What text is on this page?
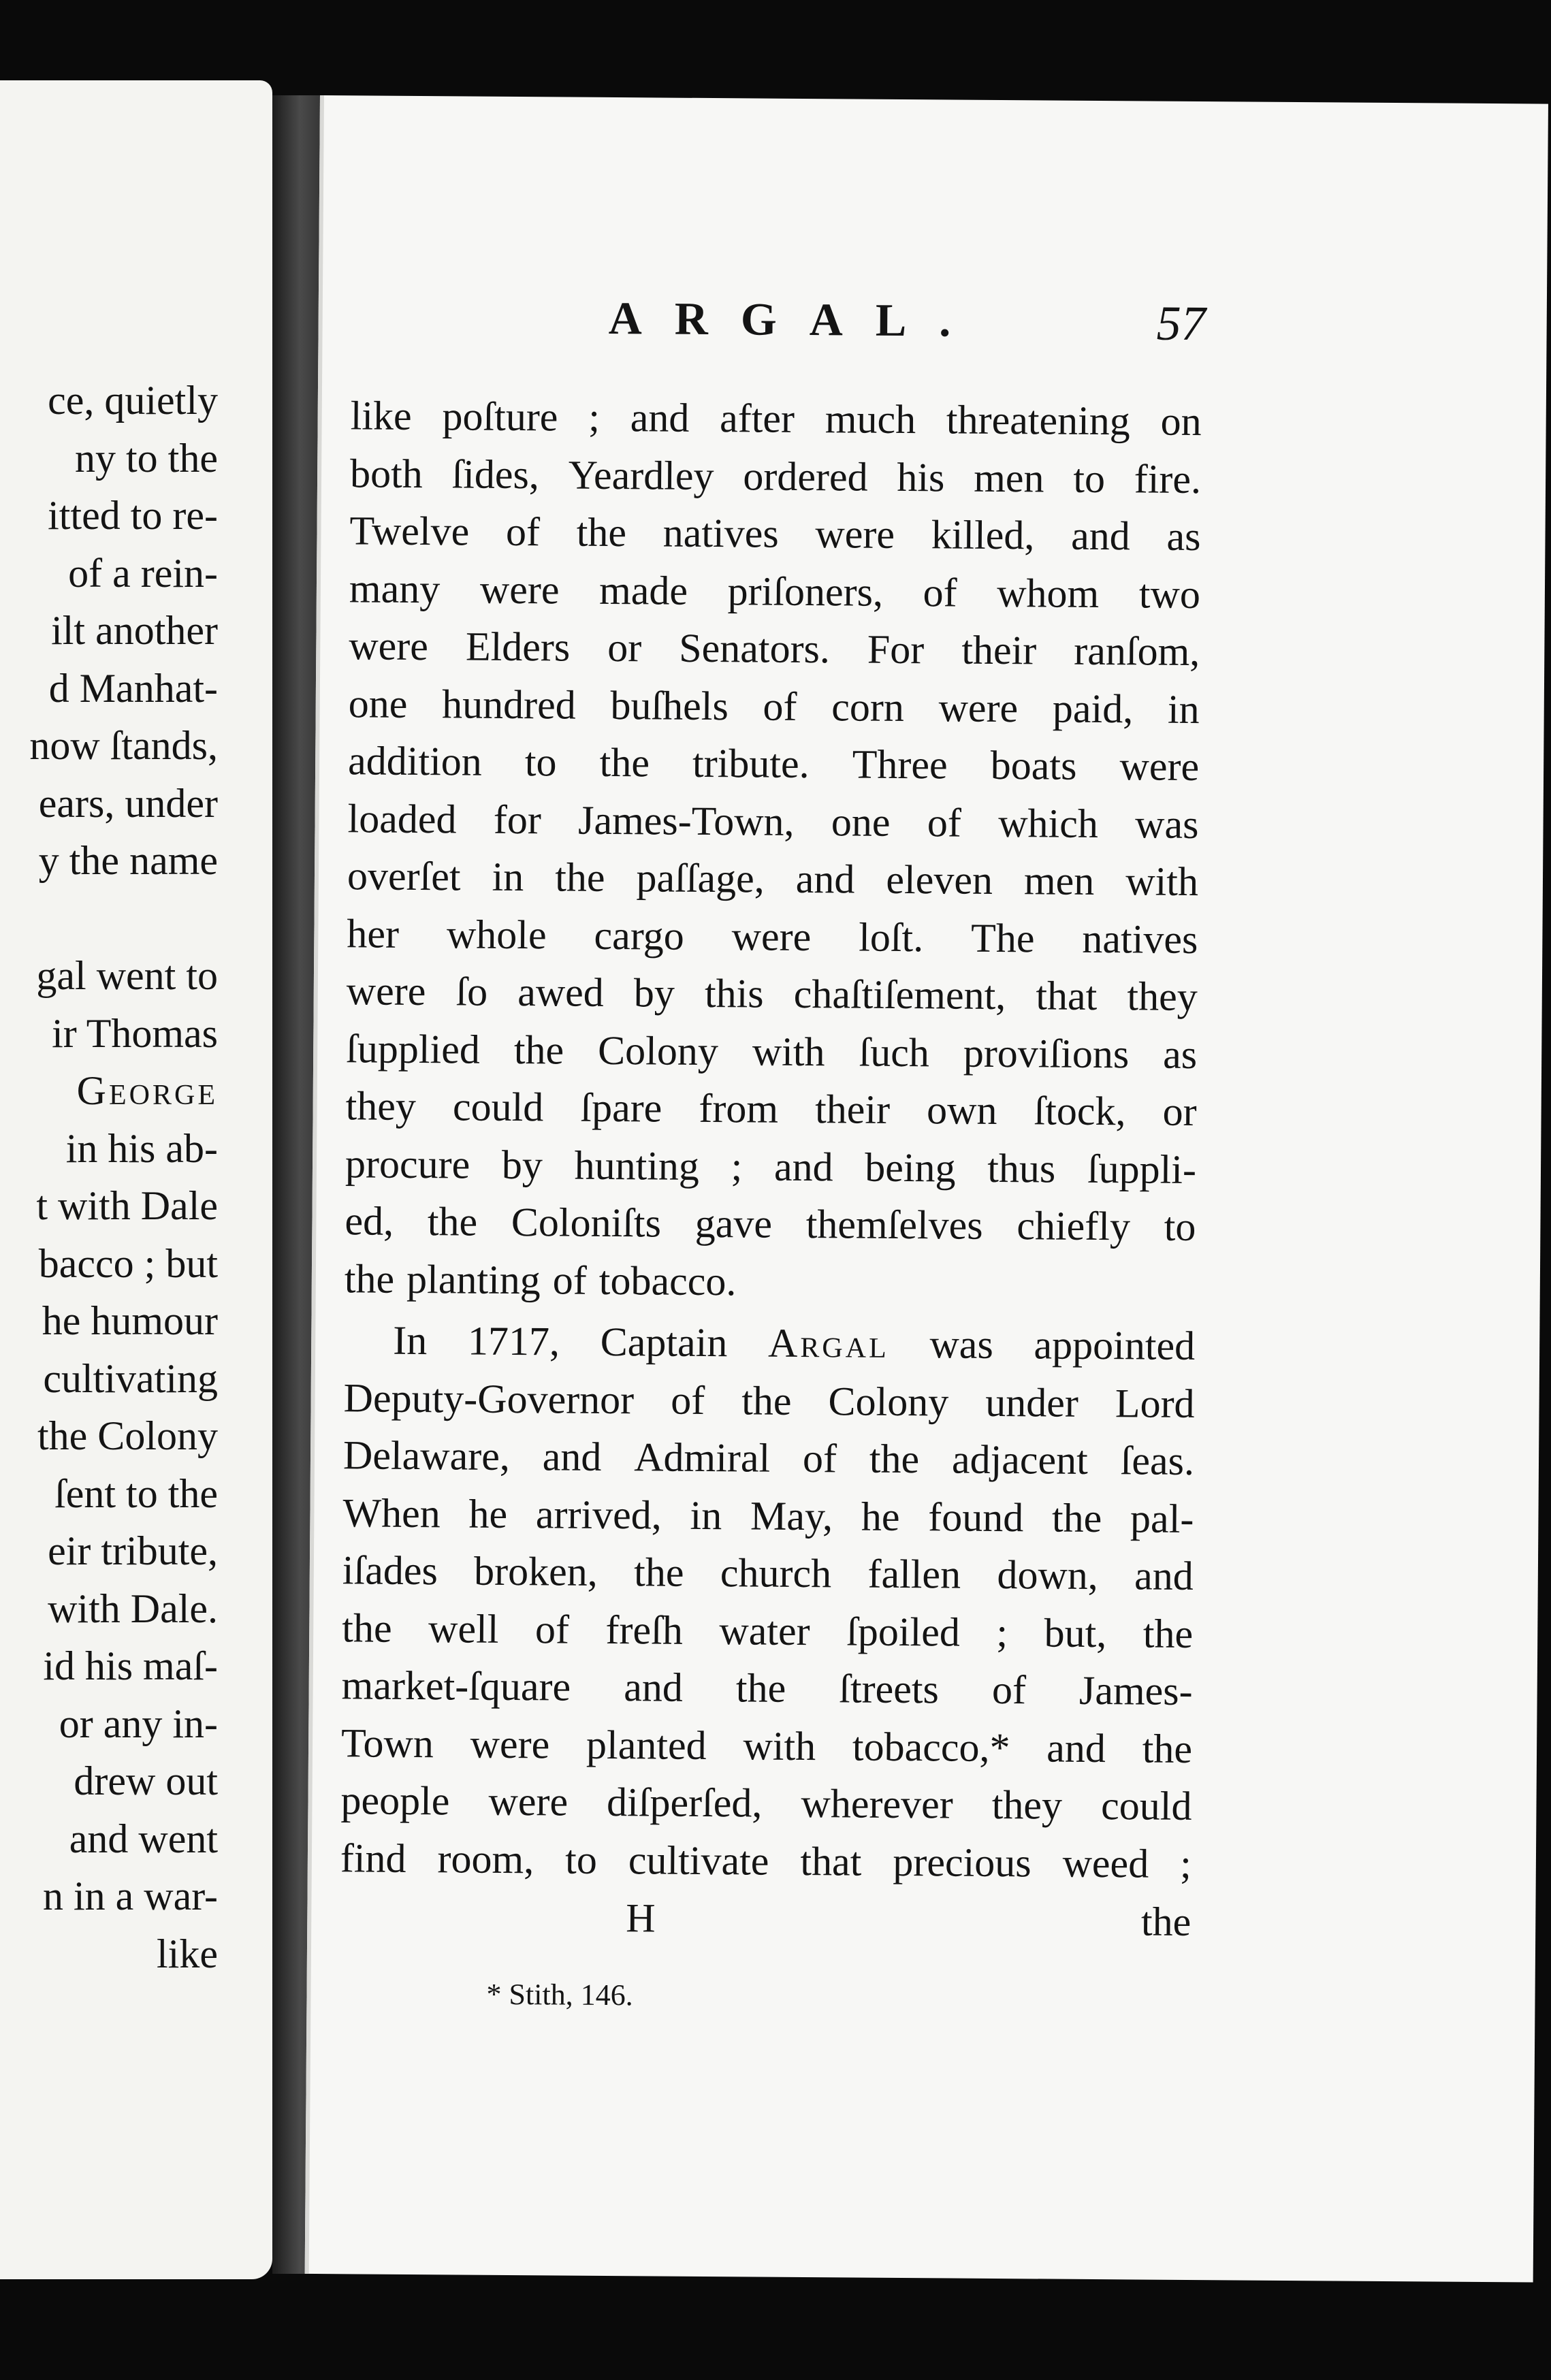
ce, quietly
ny to the
itted to re-
of a rein-
ilt another
d Manhat-
now ſtands,
ears, under
y the name
gal went to
ir Thomas
George
in his ab-
t with Dale
bacco ; but
he humour
cultivating
the Colony
ſent to the
eir tribute,
with Dale.
id his maſ-
or any in-
drew out
and went
n in a war-
like
ARGAL.	57
like poſture ; and after much threatening on
both ſides, Yeardley ordered his men to fire.
Twelve of the natives were killed, and as
many were made priſoners, of whom two
were Elders or Senators. For their ranſom,
one hundred buſhels of corn were paid, in
addition to the tribute. Three boats were
loaded for James-Town, one of which was
overſet in the paſſage, and eleven men with
her whole cargo were loſt. The natives
were ſo awed by this chaſtiſement, that they
ſupplied the Colony with ſuch proviſions as
they could ſpare from their own ſtock, or
procure by hunting ; and being thus ſuppli-
ed, the Coloniſts gave themſelves chiefly to
the planting of tobacco.
In 1717, Captain Argal was appointed
Deputy-Governor of the Colony under Lord
Delaware, and Admiral of the adjacent ſeas.
When he arrived, in May, he found the pal-
iſades broken, the church fallen down, and
the well of freſh water ſpoiled ; but, the
market-ſquare and the ſtreets of James-
Town were planted with tobacco,* and the
people were diſperſed, wherever they could
find room, to cultivate that precious weed ;
H	the
* Stith, 146.
